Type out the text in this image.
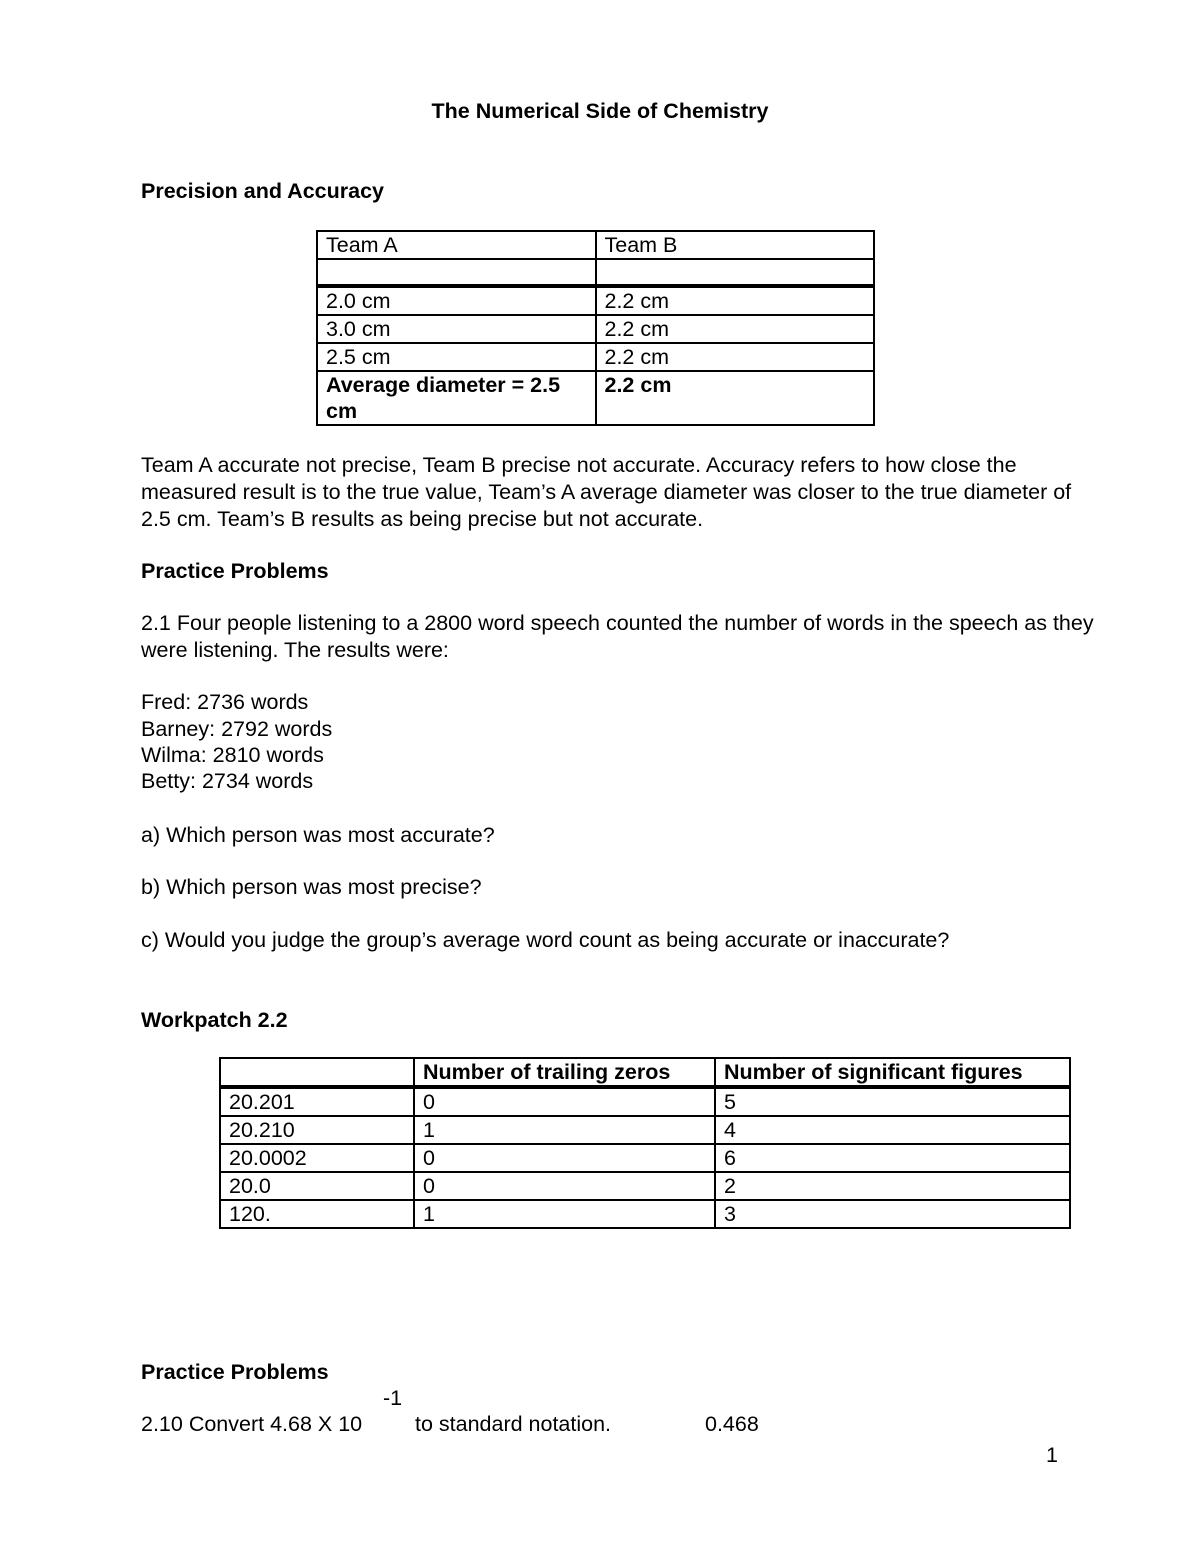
The Numerical Side of Chemistry
Precision and Accuracy
Team A	Team B

2.0 cm	2.2 cm
3.0 cm	2.2 cm
2.5 cm	2.2 cm
Average diameter = 2.5 cm	2.2 cm
Team A accurate not precise, Team B precise not accurate. Accuracy refers to how close the measured result is to the true value, Team’s A average diameter was closer to the true diameter of 2.5 cm. Team’s B results as being precise but not accurate.
Practice Problems
2.1 Four people listening to a 2800 word speech counted the number of words in the speech as they were listening. The results were:
Fred: 2736 words
Barney: 2792 words
Wilma: 2810 words
Betty: 2734 words
a) Which person was most accurate?
b) Which person was most precise?
c) Would you judge the group’s average word count as being accurate or inaccurate?
Workpatch 2.2
	Number of trailing zeros	Number of significant figures
20.201	0	5
20.210	1	4
20.0002	0	6
20.0	0	2
120.	1	3
Practice Problems
-1
2.10 Convert 4.68 X 10 to standard notation.	0.468
1
